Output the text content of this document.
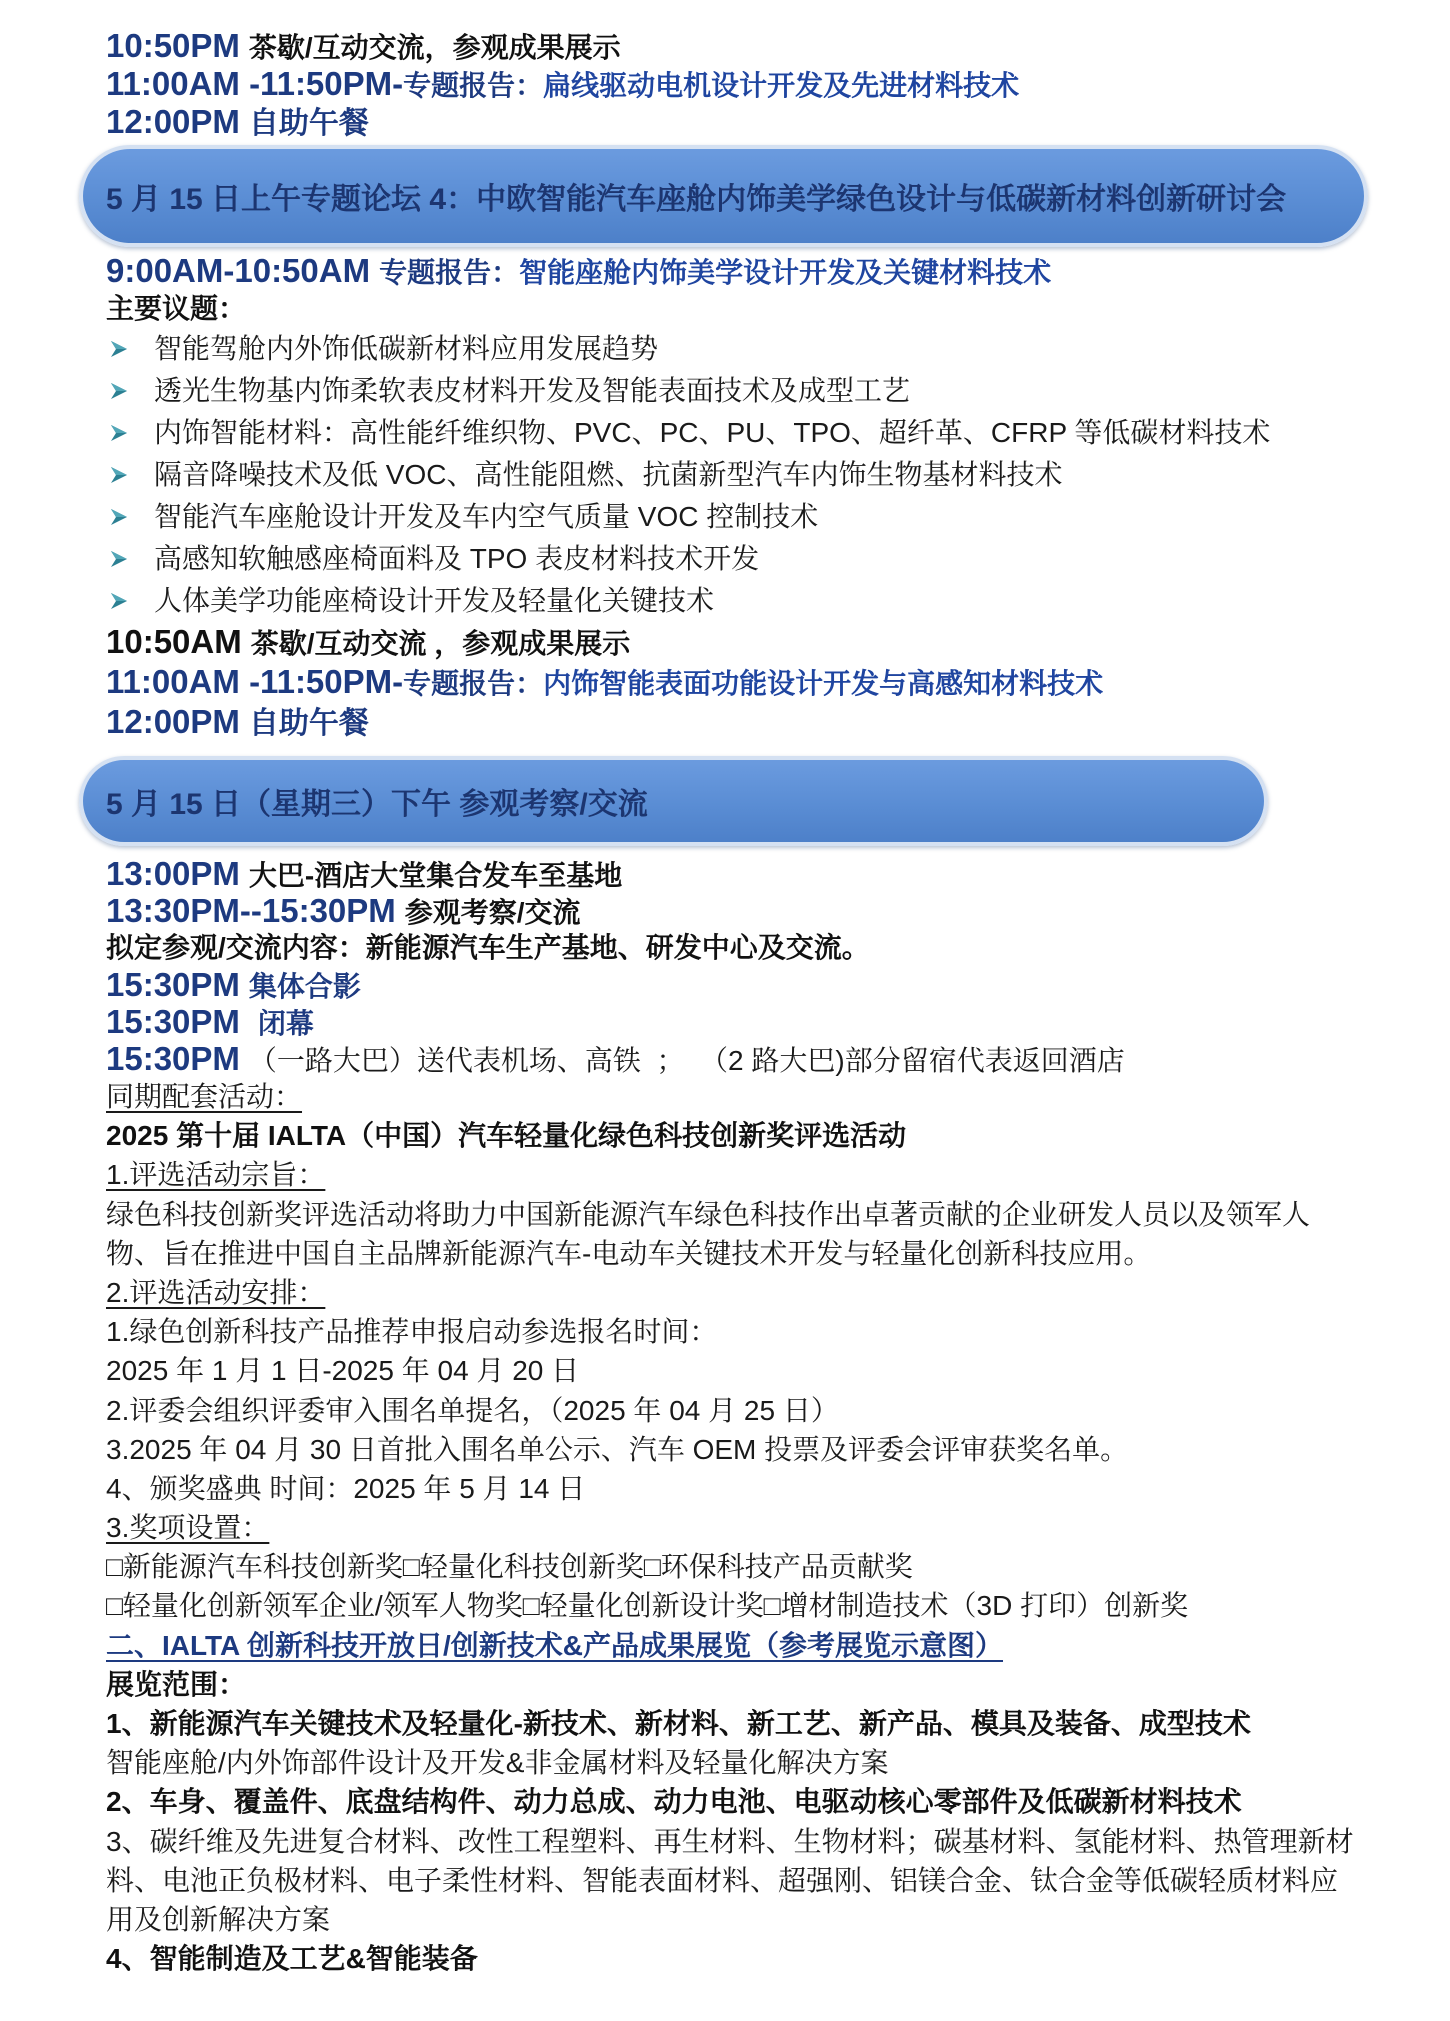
10:50PM 茶歇/互动交流，参观成果展示
11:00AM -11:50PM-专题报告：扁线驱动电机设计开发及先进材料技术
12:00PM 自助午餐
5 月 15 日上午专题论坛 4：中欧智能汽车座舱内饰美学绿色设计与低碳新材料创新研讨会
9:00AM-10:50AM 专题报告：智能座舱内饰美学设计开发及关键材料技术
主要议题：
智能驾舱内外饰低碳新材料应用发展趋势
透光生物基内饰柔软表皮材料开发及智能表面技术及成型工艺
内饰智能材料：高性能纤维织物、PVC、PC、PU、TPO、超纤革、CFRP 等低碳材料技术
隔音降噪技术及低 VOC、高性能阻燃、抗菌新型汽车内饰生物基材料技术
智能汽车座舱设计开发及车内空气质量 VOC 控制技术
高感知软触感座椅面料及 TPO 表皮材料技术开发
人体美学功能座椅设计开发及轻量化关键技术
10:50AM 茶歇/互动交流 ，参观成果展示
11:00AM -11:50PM-专题报告：内饰智能表面功能设计开发与高感知材料技术
12:00PM 自助午餐
5 月 15 日（星期三）下午 参观考察/交流
13:00PM 大巴-酒店大堂集合发车至基地
13:30PM--15:30PM 参观考察/交流
拟定参观/交流内容：新能源汽车生产基地、研发中心及交流。
15:30PM 集体合影
15:30PM 闭幕
15:30PM （一路大巴）送代表机场、高铁  ；  （2 路大巴)部分留宿代表返回酒店
同期配套活动：
2025 第十届 IALTA（中国）汽车轻量化绿色科技创新奖评选活动
1.评选活动宗旨：
绿色科技创新奖评选活动将助力中国新能源汽车绿色科技作出卓著贡献的企业研发人员以及领军人
物、旨在推进中国自主品牌新能源汽车-电动车关键技术开发与轻量化创新科技应用。
2.评选活动安排：
1.绿色创新科技产品推荐申报启动参选报名时间：
2025 年 1 月 1 日-2025 年 04 月 20 日
2.评委会组织评委审入围名单提名，（2025 年 04 月 25 日）
3.2025 年 04 月 30 日首批入围名单公示、汽车 OEM 投票及评委会评审获奖名单。
4、颁奖盛典 时间：2025 年 5 月 14 日
3.奖项设置：
□新能源汽车科技创新奖□轻量化科技创新奖□环保科技产品贡献奖
□轻量化创新领军企业/领军人物奖□轻量化创新设计奖□增材制造技术（3D 打印）创新奖
二、IALTA 创新科技开放日/创新技术&产品成果展览（参考展览示意图）
展览范围：
1、新能源汽车关键技术及轻量化-新技术、新材料、新工艺、新产品、模具及装备、成型技术
智能座舱/内外饰部件设计及开发&非金属材料及轻量化解决方案
2、车身、覆盖件、底盘结构件、动力总成、动力电池、电驱动核心零部件及低碳新材料技术
3、碳纤维及先进复合材料、改性工程塑料、再生材料、生物材料；碳基材料、氢能材料、热管理新材
料、电池正负极材料、电子柔性材料、智能表面材料、超强刚、铝镁合金、钛合金等低碳轻质材料应
用及创新解决方案
4、智能制造及工艺&智能装备
